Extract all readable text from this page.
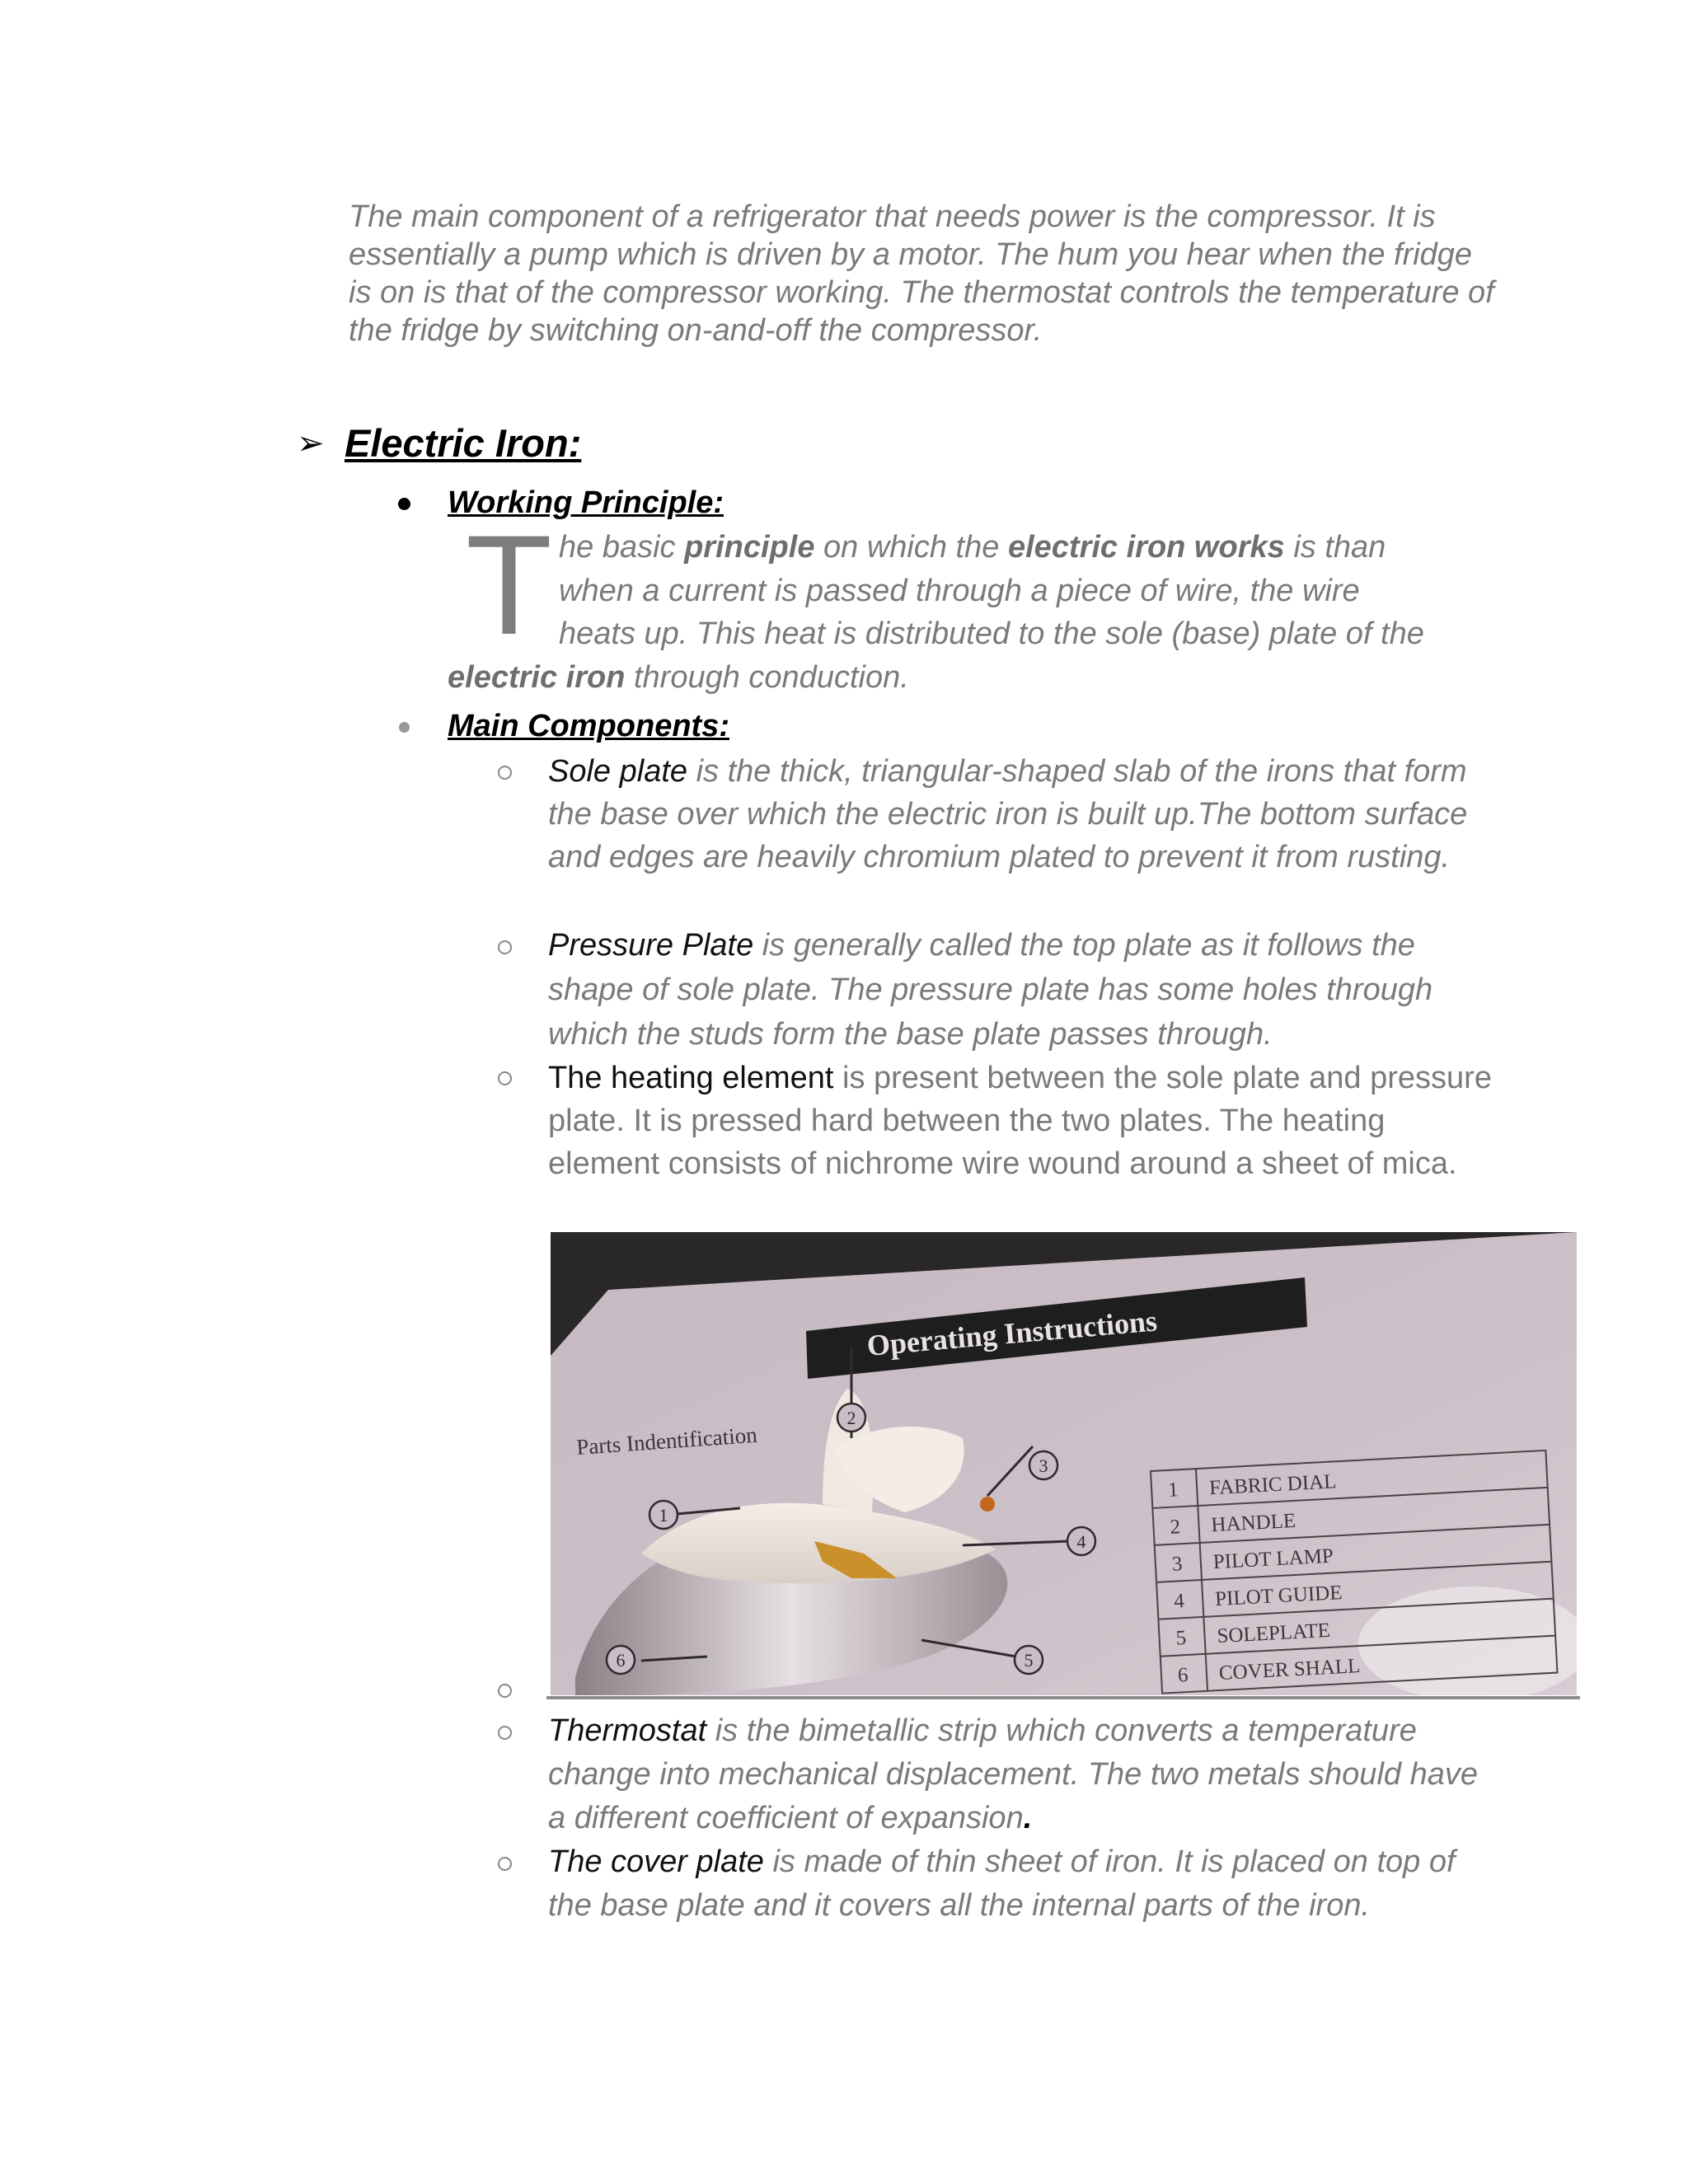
The main component of a refrigerator that needs power is the compressor. It is essentially a pump which is driven by a motor. The hum you hear when the fridge is on is that of the compressor working. The thermostat controls the temperature of the fridge by switching on-and-off the compressor.

➢ Electric Iron:
Working Principle:
T he basic principle on which the electric iron works is than
when a current is passed through a piece of wire, the wire
heats up. This heat is distributed to the sole (base) plate of the
electric iron through conduction.
Main Components:

Sole plate is the thick, triangular-shaped slab of the irons that form the base over which the electric iron is built up.The bottom surface and edges are heavily chromium plated to prevent it from rusting.

Pressure Plate is generally called the top plate as it follows the shape of sole plate. The pressure plate has some holes through which the studs form the base plate passes through.

The heating element is present between the sole plate and pressure plate. It is pressed hard between the two plates. The heating element consists of nichrome wire wound around a sheet of mica.

Operating Instructions
Parts Indentification
2
1
3
4
5
6
1 FABRIC DIAL
2 HANDLE
3 PILOT LAMP
4 PILOT GUIDE
5 SOLEPLATE
6 COVER SHALL

Thermostat is the bimetallic strip which converts a temperature change into mechanical displacement. The two metals should have a different coefficient of expansion.

The cover plate is made of thin sheet of iron. It is placed on top of the base plate and it covers all the internal parts of the iron.
